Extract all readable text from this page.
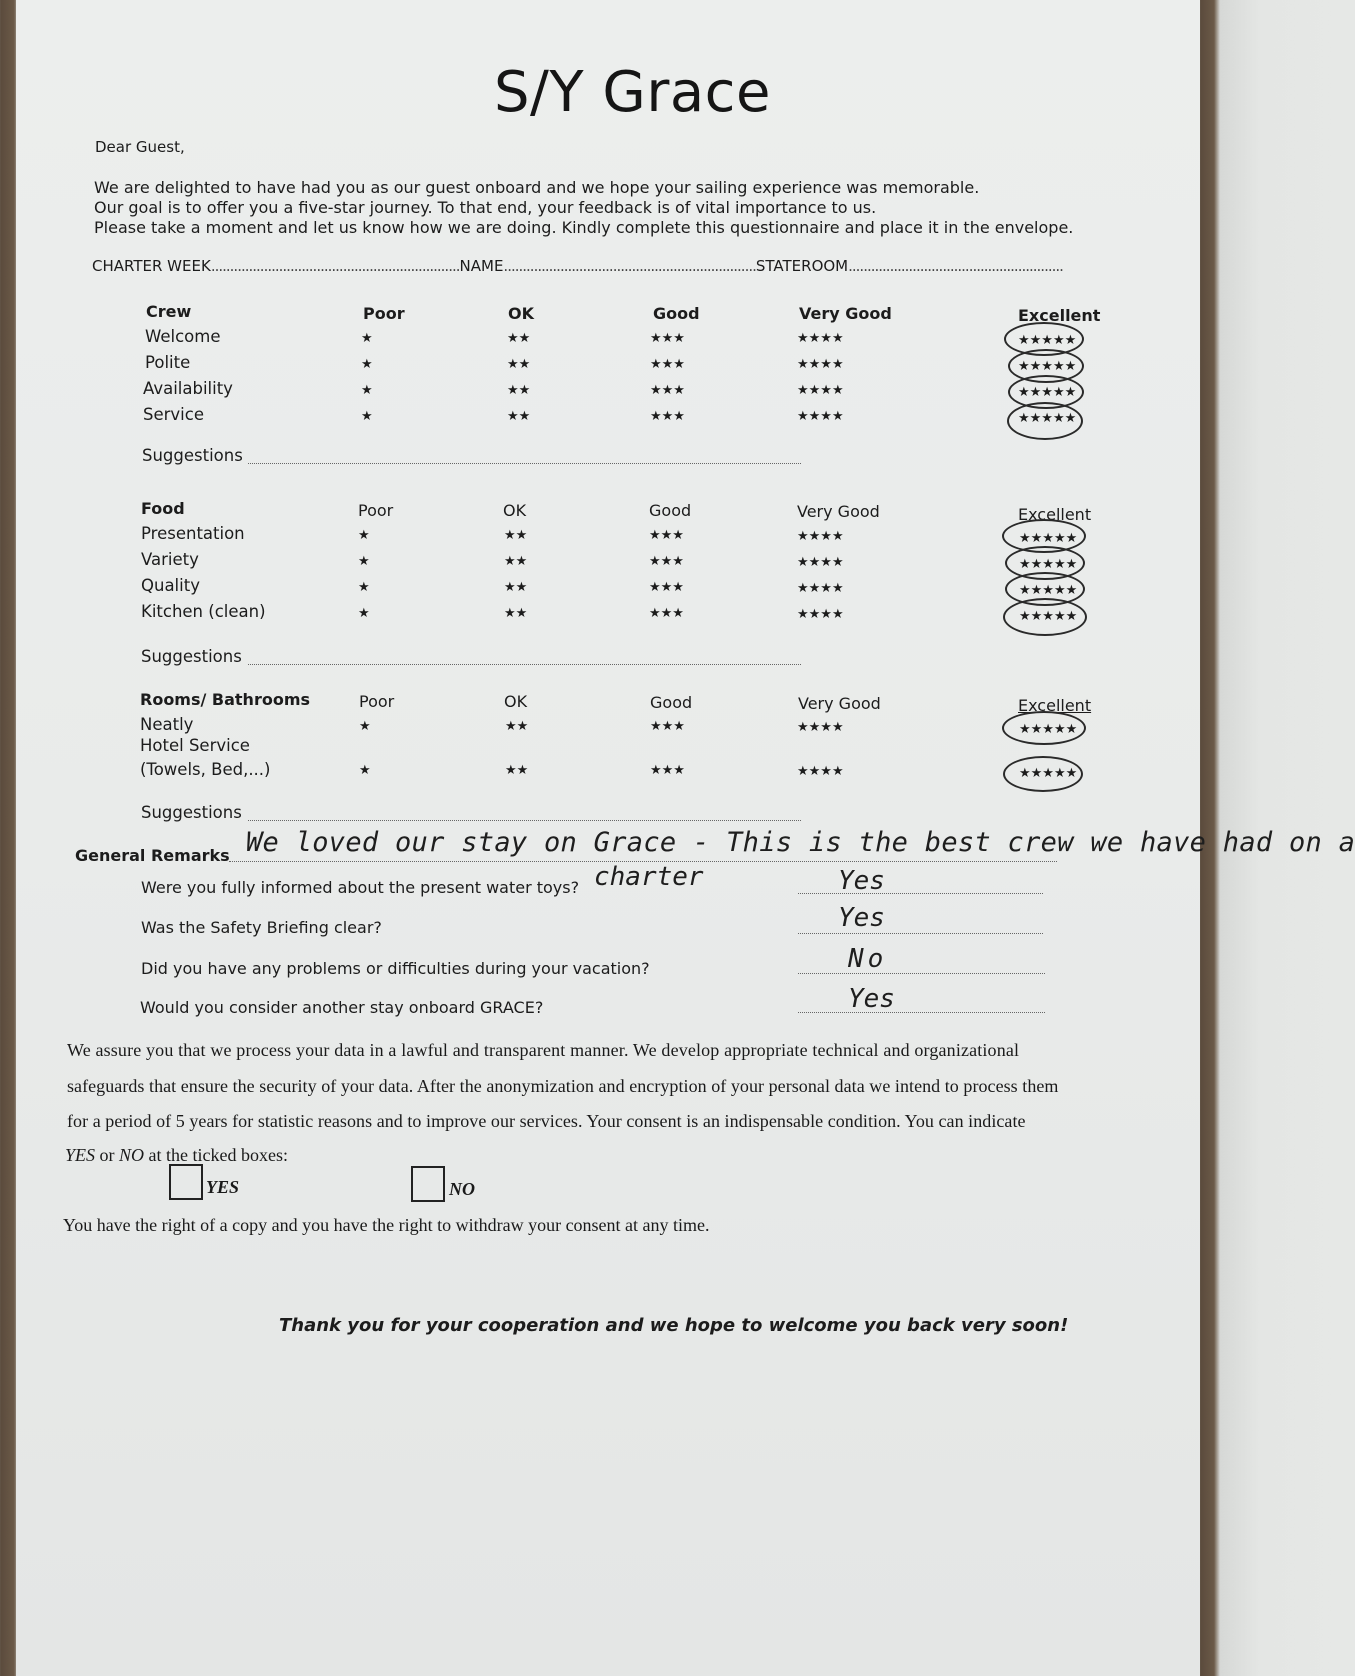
S/Y Grace
Dear Guest,
We are delighted to have had you as our guest onboard and we hope your sailing experience was memorable.
Our goal is to offer you a five-star journey. To that end, your feedback is of vital importance to us.
Please take a moment and let us know how we are doing. Kindly complete this questionnaire and place it in the envelope.
CHARTER WEEK..................................................................NAME...................................................................STATEROOM.........................................................
Crew	Poor	OK	Good	Very Good	Excellent
Welcome	★	★★	★★★	★★★★	★★★★★
Polite	★	★★	★★★	★★★★	★★★★★
Availability	★	★★	★★★	★★★★	★★★★★
Service	★	★★	★★★	★★★★	★★★★★
Suggestions
Food	Poor	OK	Good	Very Good	Excellent
Presentation	★	★★	★★★	★★★★	★★★★★
Variety	★	★★	★★★	★★★★	★★★★★
Quality	★	★★	★★★	★★★★	★★★★★
Kitchen (clean)	★	★★	★★★	★★★★	★★★★★
Suggestions
Rooms/ Bathrooms	Poor	OK	Good	Very Good	Excellent
Neatly	★	★★	★★★	★★★★	★★★★★
Hotel Service
(Towels, Bed,...)	★	★★	★★★	★★★★	★★★★★
Suggestions
General Remarks We loved our stay on Grace - This is the best crew we have had on a
charter
Were you fully informed about the present water toys?	Yes
Was the Safety Briefing clear?	Yes
Did you have any problems or difficulties during your vacation?	No
Would you consider another stay onboard GRACE?	Yes
We assure you that we process your data in a lawful and transparent manner. We develop appropriate technical and organizational
safeguards that ensure the security of your data. After the anonymization and encryption of your personal data we intend to process them
for a period of 5 years for statistic reasons and to improve our services. Your consent is an indispensable condition. You can indicate
YES or NO at the ticked boxes:
YES	NO
You have the right of a copy and you have the right to withdraw your consent at any time.
Thank you for your cooperation and we hope to welcome you back very soon!
